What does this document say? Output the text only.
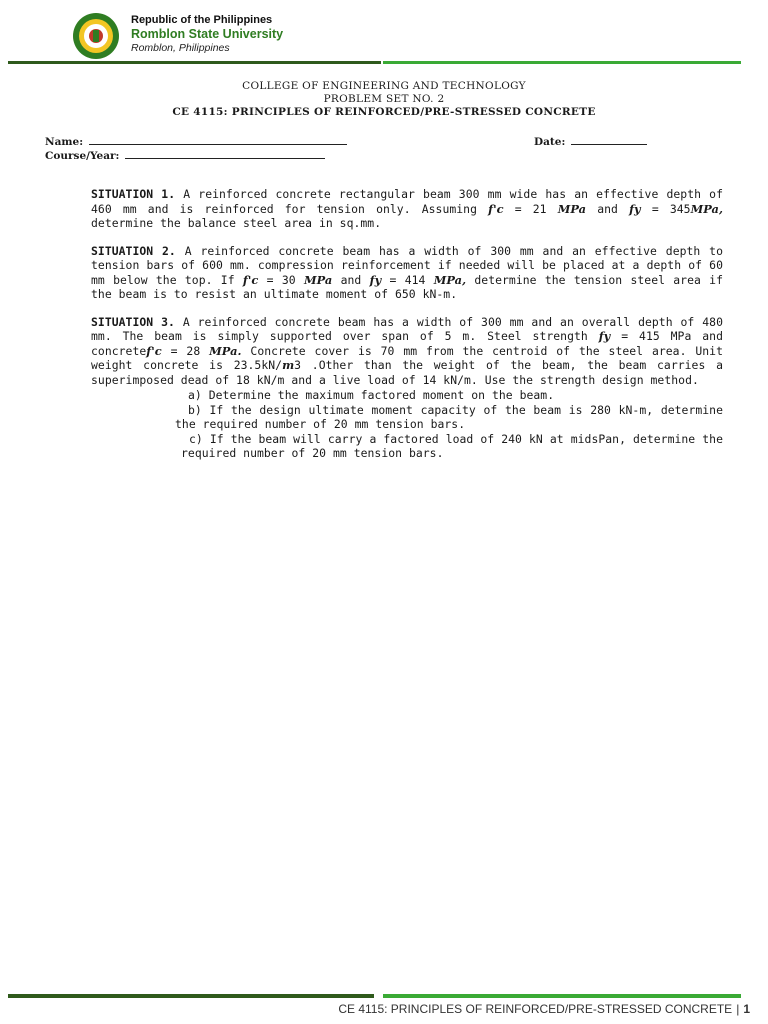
Republic of the Philippines
Romblon State University
Romblon, Philippines
COLLEGE OF ENGINEERING AND TECHNOLOGY
PROBLEM SET NO. 2
CE 4115: PRINCIPLES OF REINFORCED/PRE-STRESSED CONCRETE
Name:	Date:
Course/Year:

SITUATION 1. A reinforced concrete rectangular beam 300 mm wide has an effective depth of 460 mm and is reinforced for tension only. Assuming f'c = 21 MPa and fy = 345MPa, determine the balance steel area in sq.mm.

SITUATION 2. A reinforced concrete beam has a width of 300 mm and an effective depth to tension bars of 600 mm. compression reinforcement if needed will be placed at a depth of 60 mm below the top. If f'c = 30 MPa and fy = 414 MPa, determine the tension steel area if the beam is to resist an ultimate moment of 650 kN-m.

SITUATION 3. A reinforced concrete beam has a width of 300 mm and an overall depth of 480 mm. The beam is simply supported over span of 5 m. Steel strength fy = 415 MPa and concretef'c = 28 MPa. Concrete cover is 70 mm from the centroid of the steel area. Unit weight concrete is 23.5kN/m3 .Other than the weight of the beam, the beam carries a superimposed dead of 18 kN/m and a live load of 14 kN/m. Use the strength design method.

a) Determine the maximum factored moment on the beam.
b) If the design ultimate moment capacity of the beam is 280 kN-m, determine the required number of 20 mm tension bars.
c) If the beam will carry a factored load of 240 kN at midsPan, determine the required number of 20 mm tension bars.
CE 4115: PRINCIPLES OF REINFORCED/PRE-STRESSED CONCRETE | 1
